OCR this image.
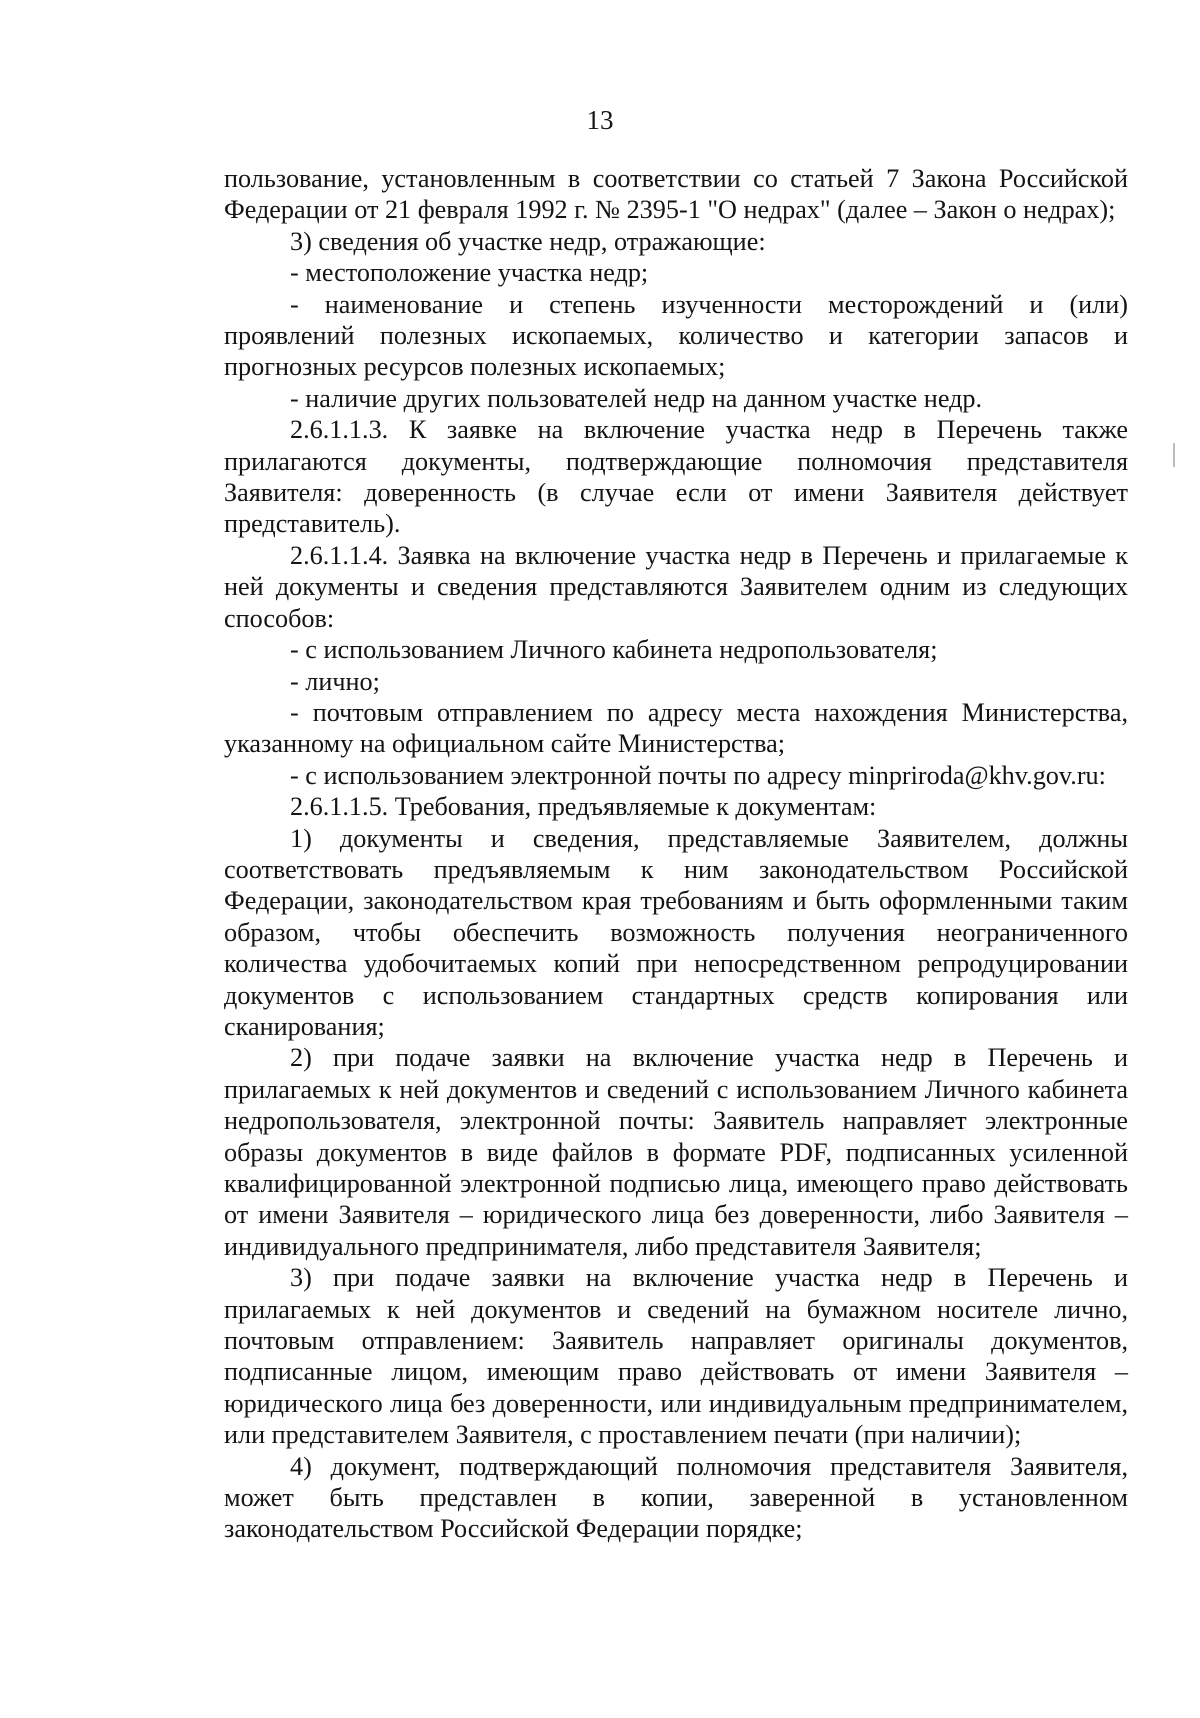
13

пользование, установленным в соответствии со статьей 7 Закона Российской Федерации от 21 февраля 1992 г. № 2395-1 "О недрах" (далее – Закон о недрах);

3) сведения об участке недр, отражающие:

- местоположение участка недр;

- наименование и степень изученности месторождений и (или) проявлений полезных ископаемых, количество и категории запасов и прогнозных ресурсов полезных ископаемых;

- наличие других пользователей недр на данном участке недр.

2.6.1.1.3. К заявке на включение участка недр в Перечень также прилагаются документы, подтверждающие полномочия представителя Заявителя: доверенность (в случае если от имени Заявителя действует представитель).

2.6.1.1.4. Заявка на включение участка недр в Перечень и прилагаемые к ней документы и сведения представляются Заявителем одним из следующих способов:

- с использованием Личного кабинета недропользователя;

- лично;

- почтовым отправлением по адресу места нахождения Министерства, указанному на официальном сайте Министерства;

- с использованием электронной почты по адресу minprirodа@khv.gov.ru:

2.6.1.1.5. Требования, предъявляемые к документам:

1) документы и сведения, представляемые Заявителем, должны соответствовать предъявляемым к ним законодательством Российской Федерации, законодательством края требованиям и быть оформленными таким образом, чтобы обеспечить возможность получения неограниченного количества удобочитаемых копий при непосредственном репродуцировании документов с использованием стандартных средств копирования или сканирования;

2) при подаче заявки на включение участка недр в Перечень и прилагаемых к ней документов и сведений с использованием Личного кабинета недропользователя, электронной почты: Заявитель направляет электронные образы документов в виде файлов в формате PDF, подписанных усиленной квалифицированной электронной подписью лица, имеющего право действовать от имени Заявителя – юридического лица без доверенности, либо Заявителя – индивидуального предпринимателя, либо представителя Заявителя;

3) при подаче заявки на включение участка недр в Перечень и прилагаемых к ней документов и сведений на бумажном носителе лично, почтовым отправлением: Заявитель направляет оригиналы документов, подписанные лицом, имеющим право действовать от имени Заявителя – юридического лица без доверенности, или индивидуальным предпринимателем, или представителем Заявителя, с проставлением печати (при наличии);

4) документ, подтверждающий полномочия представителя Заявителя, может быть представлен в копии, заверенной в установленном законодательством Российской Федерации порядке;
